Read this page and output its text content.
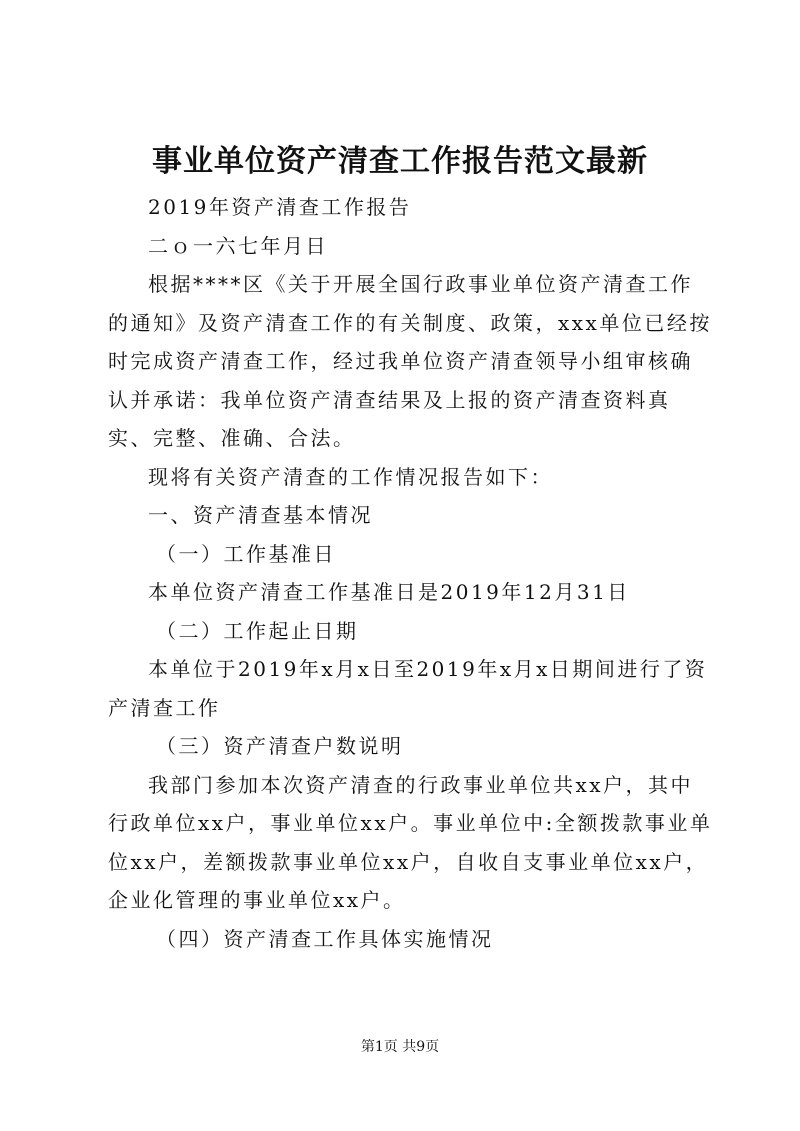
事业单位资产清查工作报告范文最新

2019年资产清查工作报告

二ｏ一六七年月日

根据****区《关于开展全国行政事业单位资产清查工作的通知》及资产清查工作的有关制度、政策，xxx单位已经按时完成资产清查工作，经过我单位资产清查领导小组审核确认并承诺：我单位资产清查结果及上报的资产清查资料真实、完整、准确、合法。

现将有关资产清查的工作情况报告如下：

一、资产清查基本情况

（一）工作基准日

本单位资产清查工作基准日是2019年12月31日

（二）工作起止日期

本单位于2019年x月x日至2019年x月x日期间进行了资产清查工作

（三）资产清查户数说明

我部门参加本次资产清查的行政事业单位共xx户，其中行政单位xx户，事业单位xx户。事业单位中:全额拨款事业单位xx户，差额拨款事业单位xx户，自收自支事业单位xx户，企业化管理的事业单位xx户。

（四）资产清查工作具体实施情况

第1页 共9页
